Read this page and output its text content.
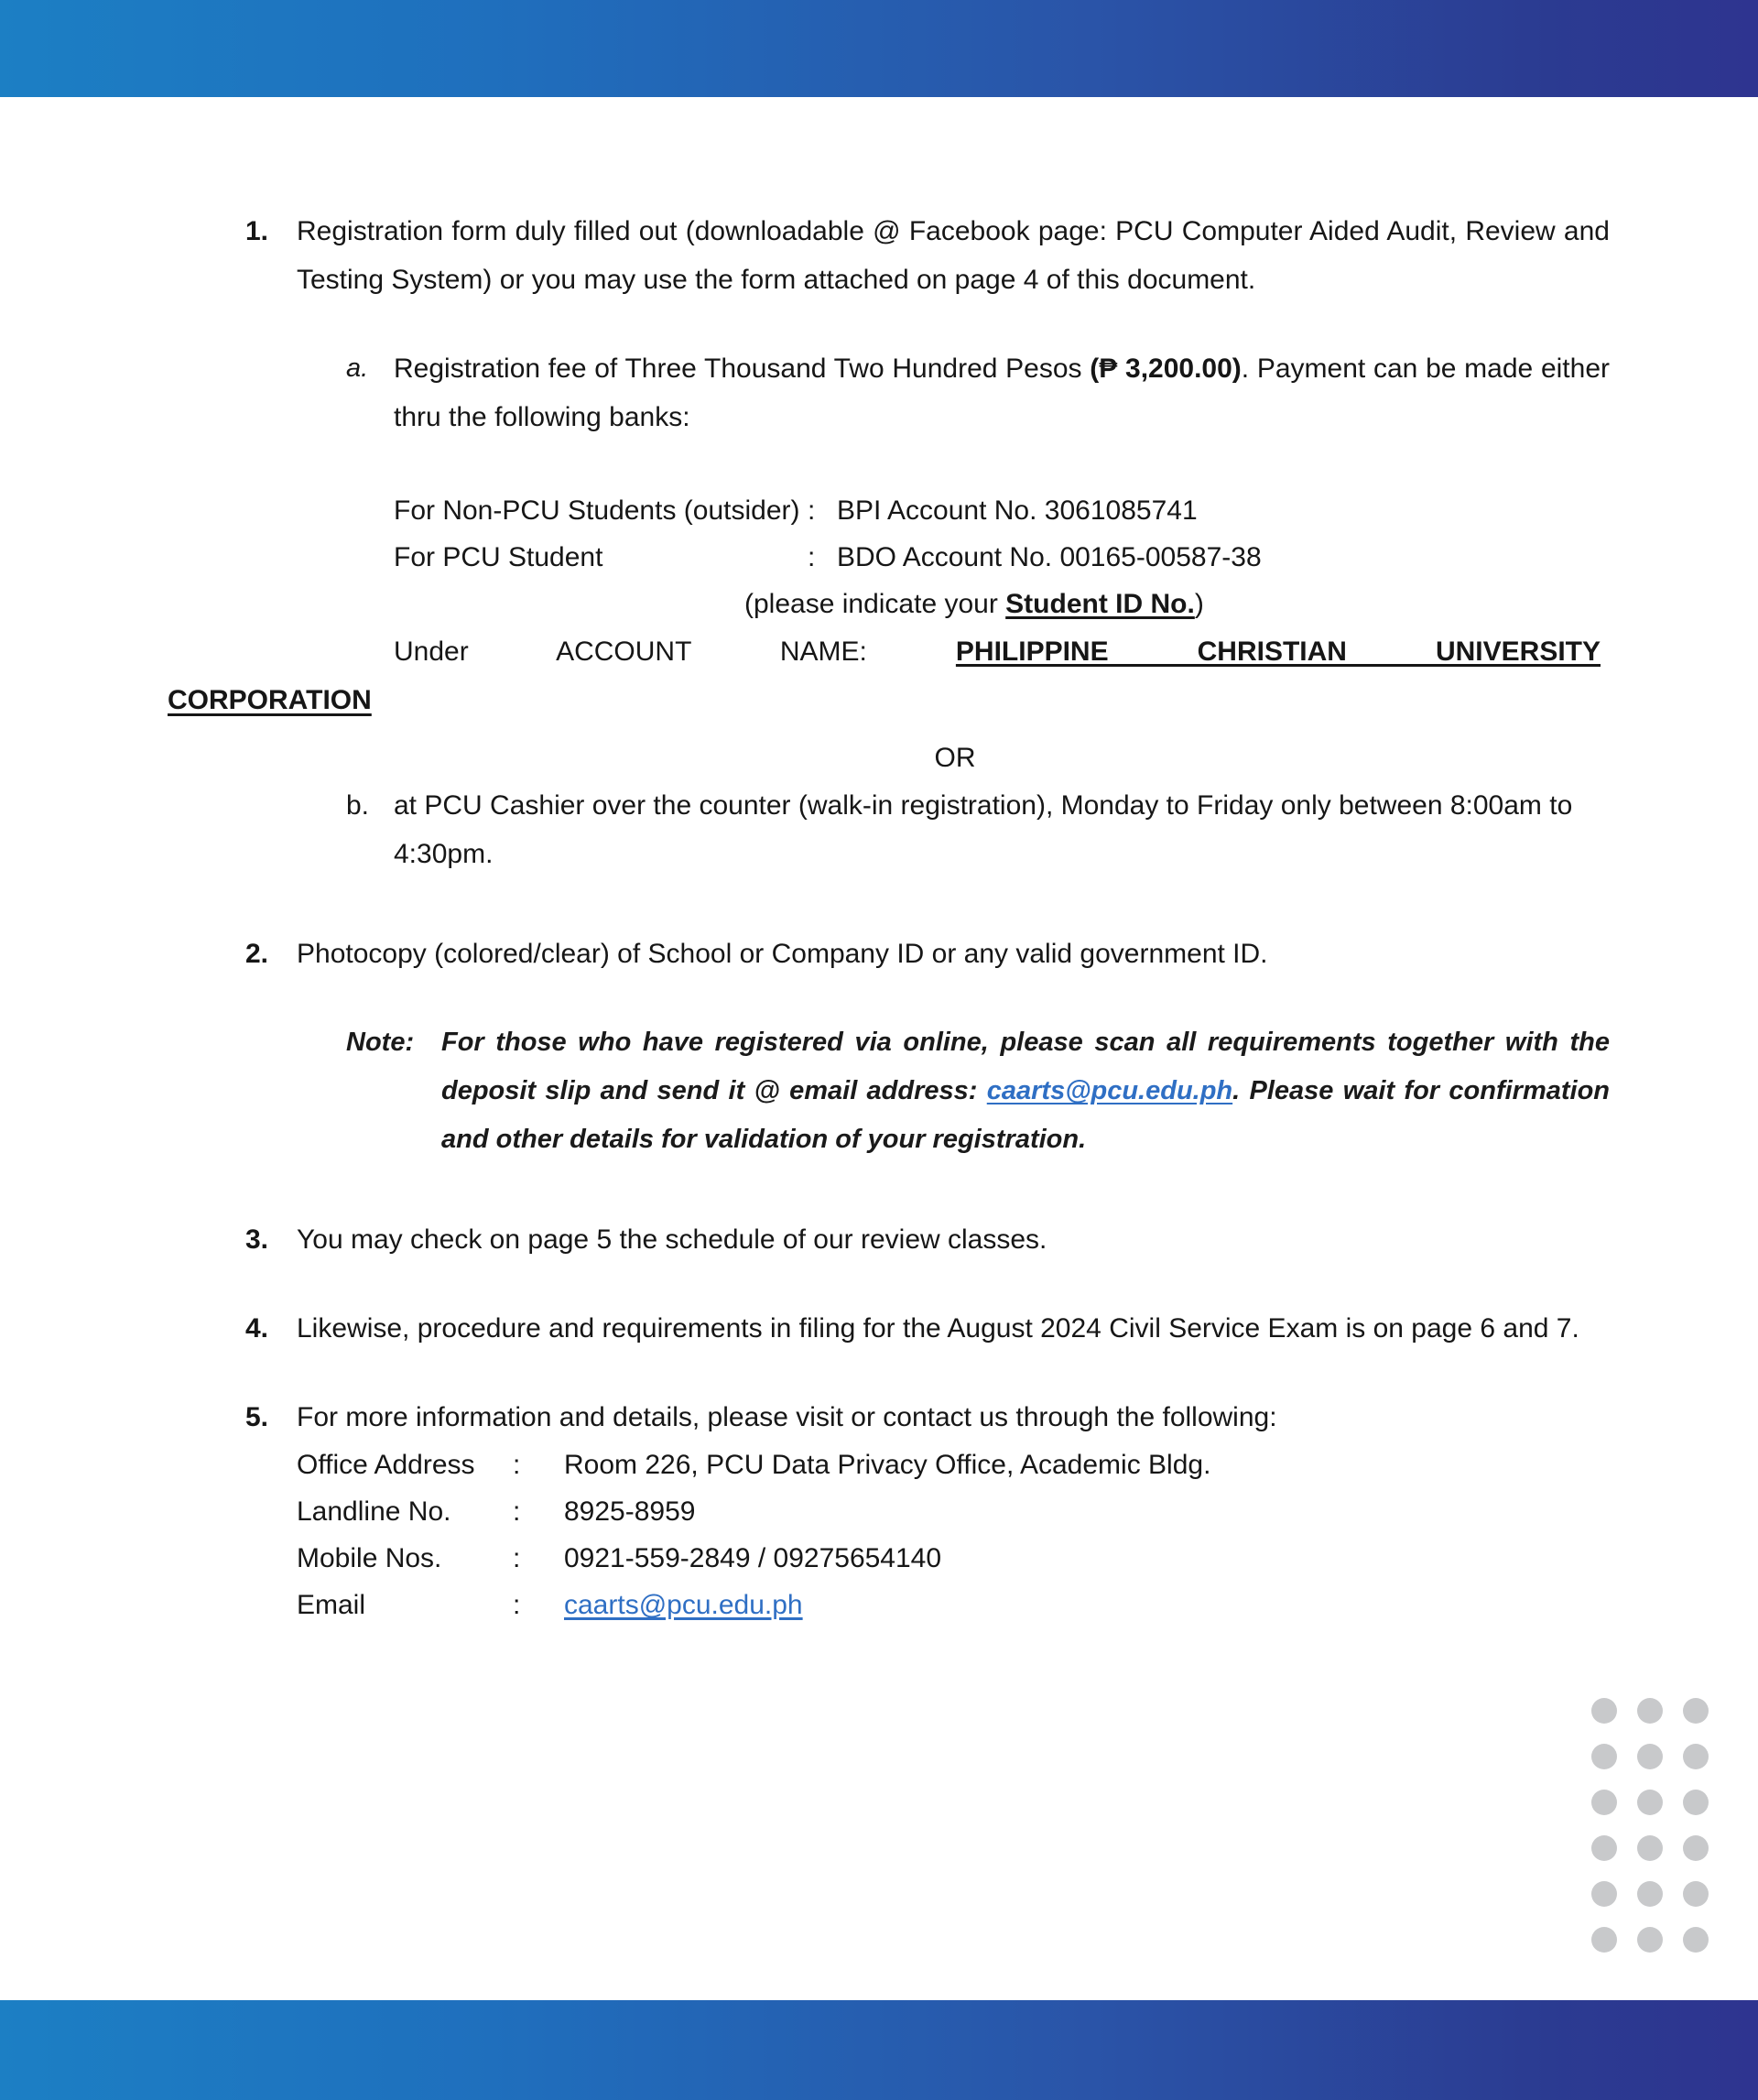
1.	Registration form duly filled out (downloadable @ Facebook page: PCU Computer Aided Audit, Review and Testing System) or you may use the form attached on page 4 of this document.
a. Registration fee of Three Thousand Two Hundred Pesos (₱ 3,200.00). Payment can be made either thru the following banks:
For Non-PCU Students (outsider) : BPI Account No. 3061085741
For PCU Student	: BDO Account No. 00165-00587-38
(please indicate your Student ID No.)
Under ACCOUNT NAME: PHILIPPINE CHRISTIAN UNIVERSITY
CORPORATION
OR
b. at PCU Cashier over the counter (walk-in registration), Monday to Friday only between 8:00am to 4:30pm.
2.	Photocopy (colored/clear) of School or Company ID or any valid government ID.
Note:	For those who have registered via online, please scan all requirements together with the deposit slip and send it @ email address: caarts@pcu.edu.ph. Please wait for confirmation and other details for validation of your registration.
3.	You may check on page 5 the schedule of our review classes.
4.	Likewise, procedure and requirements in filing for the August 2024 Civil Service Exam is on page 6 and 7.
5.	For more information and details, please visit or contact us through the following:
Office Address	:	Room 226, PCU Data Privacy Office, Academic Bldg.
Landline No.	:	8925-8959
Mobile Nos.	:	0921-559-2849 / 09275654140
Email	:	caarts@pcu.edu.ph
